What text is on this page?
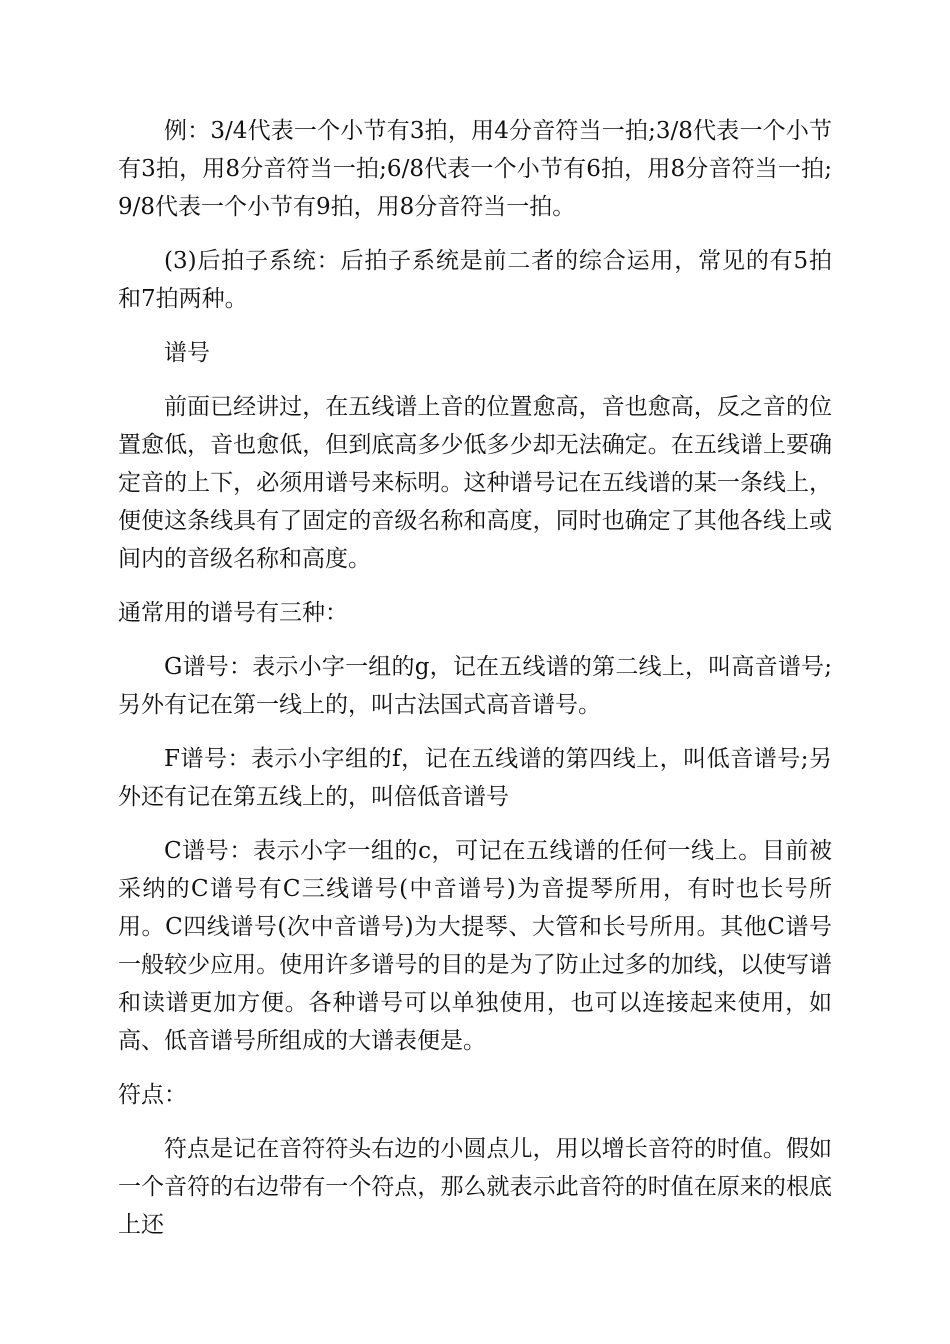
例：3/4代表一个小节有3拍，用4分音符当一拍;3/8代表一个小节有3拍，用8分音符当一拍;6/8代表一个小节有6拍，用8分音符当一拍;9/8代表一个小节有9拍，用8分音符当一拍。

(3)后拍子系统：后拍子系统是前二者的综合运用，常见的有5拍和7拍两种。

谱号

前面已经讲过，在五线谱上音的位置愈高，音也愈高，反之音的位置愈低，音也愈低，但到底高多少低多少却无法确定。在五线谱上要确定音的上下，必须用谱号来标明。这种谱号记在五线谱的某一条线上，便使这条线具有了固定的音级名称和高度，同时也确定了其他各线上或间内的音级名称和高度。

通常用的谱号有三种：

G谱号：表示小字一组的g，记在五线谱的第二线上，叫高音谱号;另外有记在第一线上的，叫古法国式高音谱号。

F谱号：表示小字组的f，记在五线谱的第四线上，叫低音谱号;另外还有记在第五线上的，叫倍低音谱号

C谱号：表示小字一组的c，可记在五线谱的任何一线上。目前被采纳的C谱号有C三线谱号(中音谱号)为音提琴所用，有时也长号所用。C四线谱号(次中音谱号)为大提琴、大管和长号所用。其他C谱号一般较少应用。使用许多谱号的目的是为了防止过多的加线，以使写谱和读谱更加方便。各种谱号可以单独使用，也可以连接起来使用，如高、低音谱号所组成的大谱表便是。

符点：

符点是记在音符符头右边的小圆点儿，用以增长音符的时值。假如一个音符的右边带有一个符点，那么就表示此音符的时值在原来的根底上还
